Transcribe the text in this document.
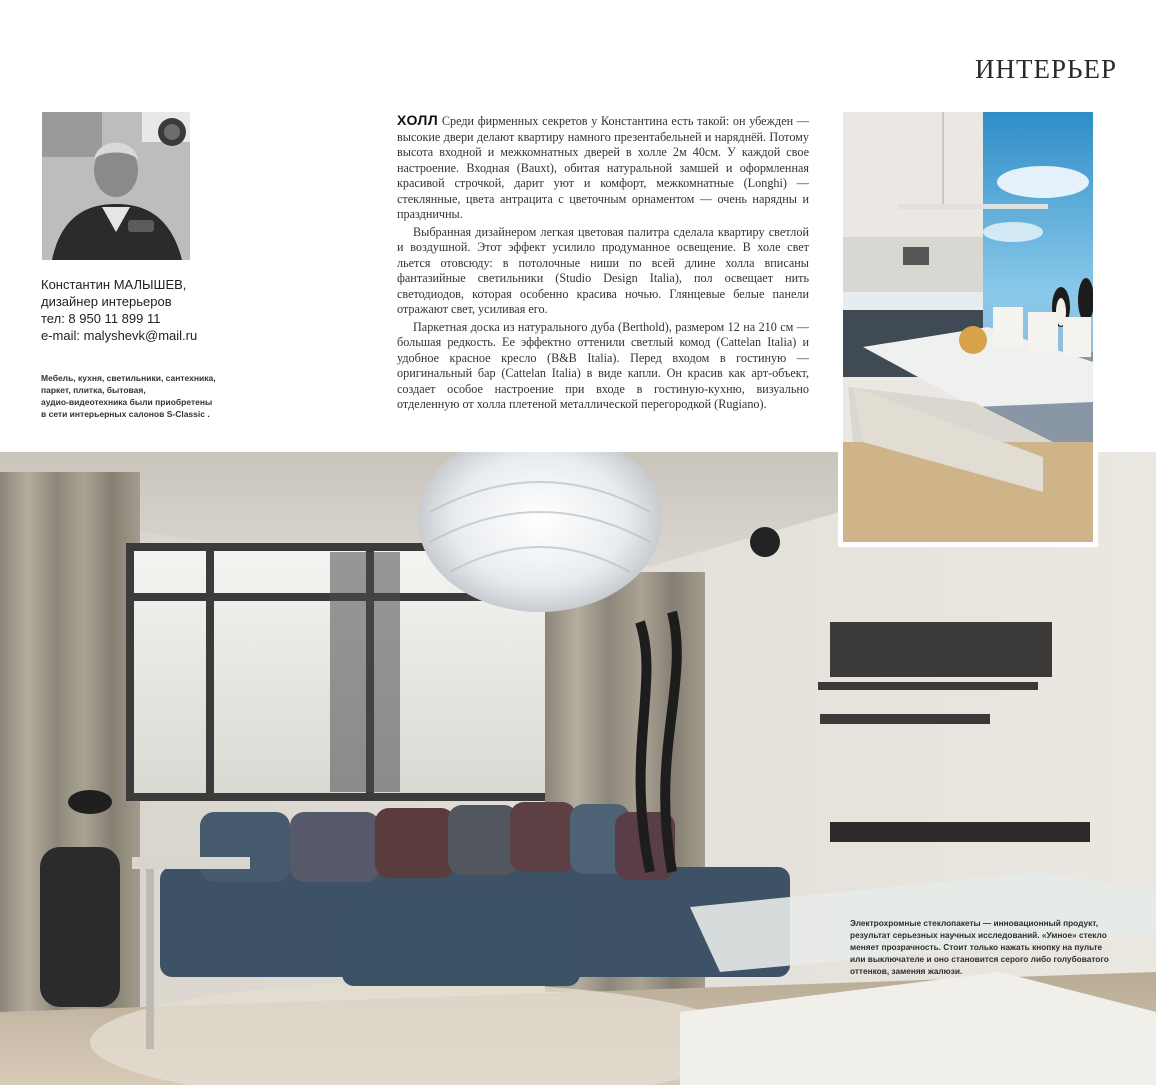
ИНТЕРЬЕР
Константин МАЛЫШЕВ,
дизайнер интерьеров
тел: 8 950 11 899 11
e-mail: malyshevk@mail.ru
Мебель, кухня, светильники, сантехника,
паркет, плитка, бытовая,
аудио-видеотехника были приобретены
в сети интерьерных салонов S-Classic .

ХОЛЛ Среди фирменных секретов у Константина есть такой: он убежден — высокие двери делают квартиру намного презентабельней и наряднёй. Потому высота входной и межкомнатных дверей в холле 2м 40см. У каждой свое настроение. Входная (Bauxt), обитая натуральной замшей и оформленная красивой строчкой, дарит уют и комфорт, межкомнатные (Longhi) — стеклянные, цвета антрацита с цветочным орнаментом — очень нарядны и праздничны.

Выбранная дизайнером легкая цветовая палитра сделала квартиру светлой и воздушной. Этот эффект усилило продуманное освещение. В холе свет льется отовсюду: в потолочные ниши по всей длине холла вписаны фантазийные светильники (Studio Design Italia), пол освещает нить светодиодов, которая особенно красива ночью. Глянцевые белые панели отражают свет, усиливая его.

Паркетная доска из натурального дуба (Berthold), размером 12 на 210 см — большая редкость. Ее эффектно оттенили светлый комод (Cattelan Italia) и удобное красное кресло (B&B Italia). Перед входом в гостиную — оригинальный бар (Cattelan Italia) в виде капли. Он красив как арт-объект, создает особое настроение при входе в гостиную-кухню, визуально отделенную от холла плетеной металлической перегородкой (Rugiano).

Электрохромные стеклопакеты — инновационный продукт,
результат серьезных научных исследований. «Умное» стекло
меняет прозрачность. Стоит только нажать кнопку на пульте
или выключателе и оно становится серого либо голубоватого
оттенков, заменяя жалюзи.
